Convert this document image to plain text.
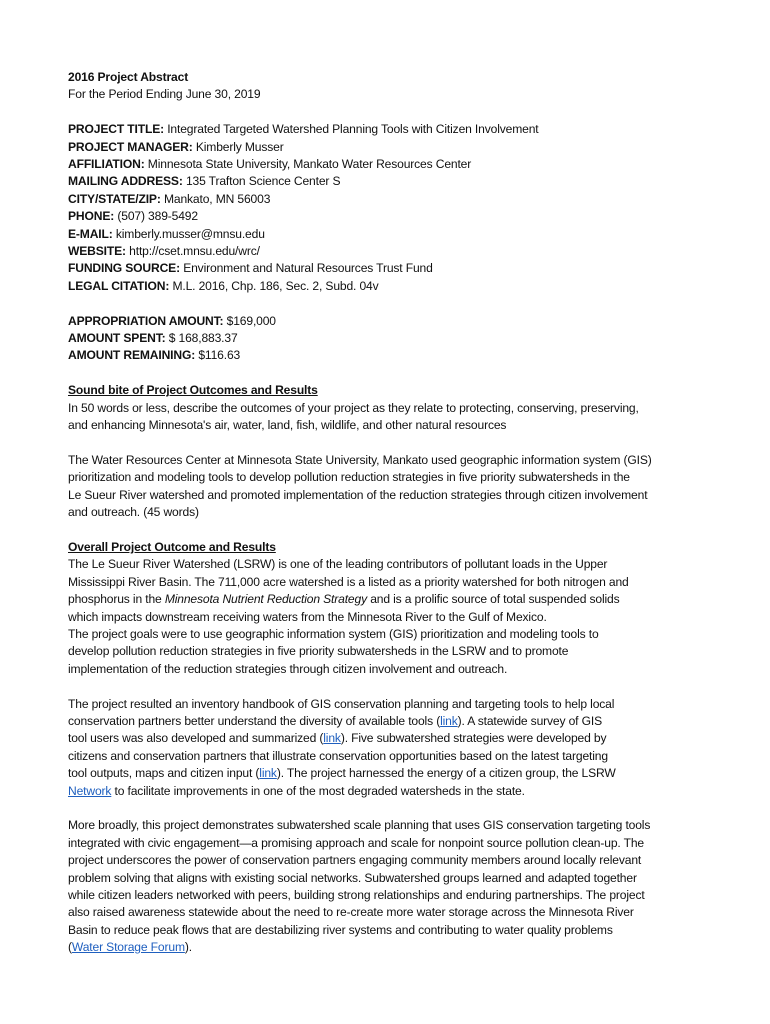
2016 Project Abstract

For the Period Ending June 30, 2019

PROJECT TITLE: Integrated Targeted Watershed Planning Tools with Citizen Involvement

PROJECT MANAGER: Kimberly Musser

AFFILIATION: Minnesota State University, Mankato Water Resources Center

MAILING ADDRESS: 135 Trafton Science Center S

CITY/STATE/ZIP: Mankato, MN 56003

PHONE: (507) 389-5492

E-MAIL: kimberly.musser@mnsu.edu

WEBSITE: http://cset.mnsu.edu/wrc/

FUNDING SOURCE: Environment and Natural Resources Trust Fund

LEGAL CITATION: M.L. 2016, Chp. 186, Sec. 2, Subd. 04v

APPROPRIATION AMOUNT: $169,000

AMOUNT SPENT: $ 168,883.37

AMOUNT REMAINING: $116.63

Sound bite of Project Outcomes and Results

In 50 words or less, describe the outcomes of your project as they relate to protecting, conserving, preserving,

and enhancing Minnesota's air, water, land, fish, wildlife, and other natural resources

The Water Resources Center at Minnesota State University, Mankato used geographic information system (GIS)

prioritization and modeling tools to develop pollution reduction strategies in five priority subwatersheds in the

Le Sueur River watershed and promoted implementation of the reduction strategies through citizen involvement

and outreach. (45 words)

Overall Project Outcome and Results

The Le Sueur River Watershed (LSRW) is one of the leading contributors of pollutant loads in the Upper

Mississippi River Basin. The 711,000 acre watershed is a listed as a priority watershed for both nitrogen and

phosphorus in the Minnesota Nutrient Reduction Strategy and is a prolific source of total suspended solids

which impacts downstream receiving waters from the Minnesota River to the Gulf of Mexico.

The project goals were to use geographic information system (GIS) prioritization and modeling tools to

develop pollution reduction strategies in five priority subwatersheds in the LSRW and to promote

implementation of the reduction strategies through citizen involvement and outreach.

The project resulted an inventory handbook of GIS conservation planning and targeting tools to help local

conservation partners better understand the diversity of available tools (link). A statewide survey of GIS

tool users was also developed and summarized (link). Five subwatershed strategies were developed by

citizens and conservation partners that illustrate conservation opportunities based on the latest targeting

tool outputs, maps and citizen input (link). The project harnessed the energy of a citizen group, the LSRW

Network to facilitate improvements in one of the most degraded watersheds in the state.

More broadly, this project demonstrates subwatershed scale planning that uses GIS conservation targeting tools

integrated with civic engagement—a promising approach and scale for nonpoint source pollution clean-up. The

project underscores the power of conservation partners engaging community members around locally relevant

problem solving that aligns with existing social networks. Subwatershed groups learned and adapted together

while citizen leaders networked with peers, building strong relationships and enduring partnerships. The project

also raised awareness statewide about the need to re-create more water storage across the Minnesota River

Basin to reduce peak flows that are destabilizing river systems and contributing to water quality problems

(Water Storage Forum).
